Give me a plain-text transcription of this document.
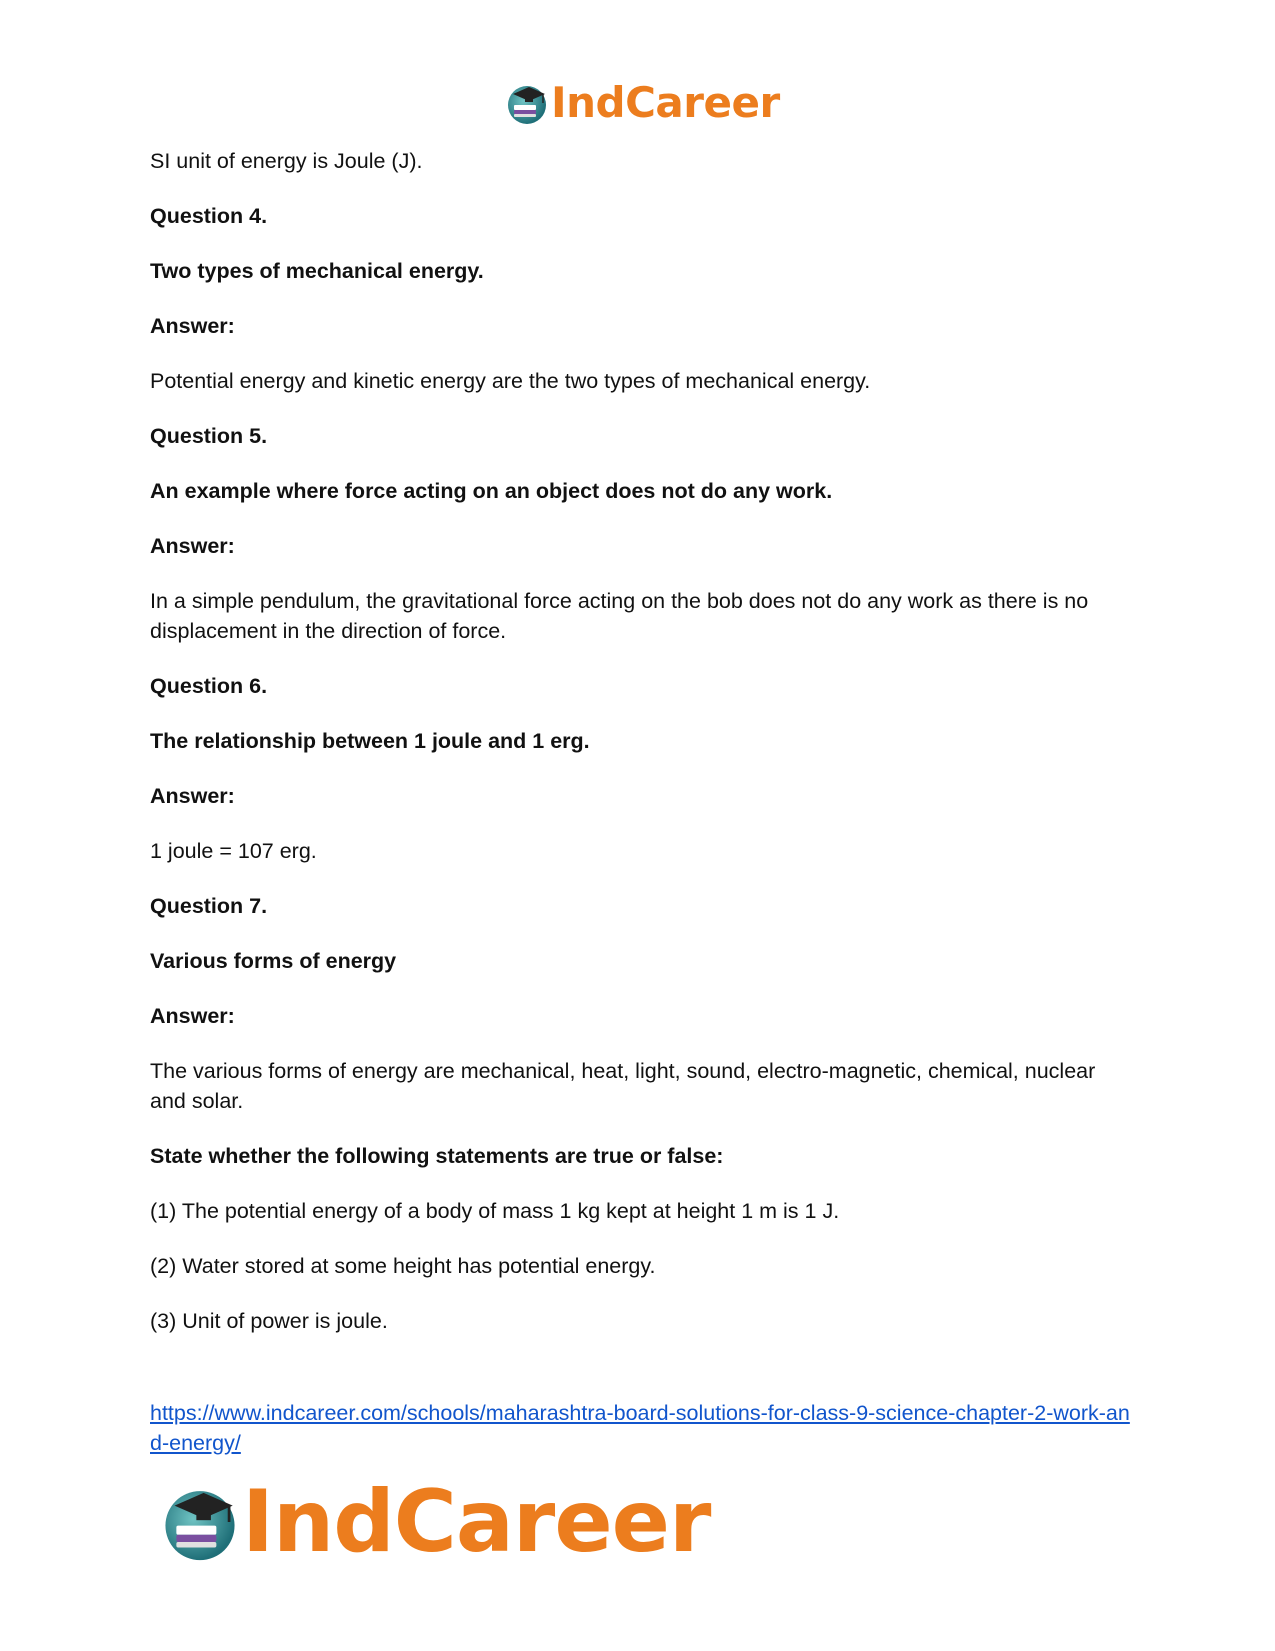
IndCareer

SI unit of energy is Joule (J).

Question 4.

Two types of mechanical energy.

Answer:

Potential energy and kinetic energy are the two types of mechanical energy.

Question 5.

An example where force acting on an object does not do any work.

Answer:

In a simple pendulum, the gravitational force acting on the bob does not do any work as there is no displacement in the direction of force.

Question 6.

The relationship between 1 joule and 1 erg.

Answer:

1 joule = 107 erg.

Question 7.

Various forms of energy

Answer:

The various forms of energy are mechanical, heat, light, sound, electro-magnetic, chemical, nuclear and solar.

State whether the following statements are true or false:

(1) The potential energy of a body of mass 1 kg kept at height 1 m is 1 J.

(2) Water stored at some height has potential energy.

(3) Unit of power is joule.

https://www.indcareer.com/schools/maharashtra-board-solutions-for-class-9-science-chapter-2-work-and-energy/
IndCareer
